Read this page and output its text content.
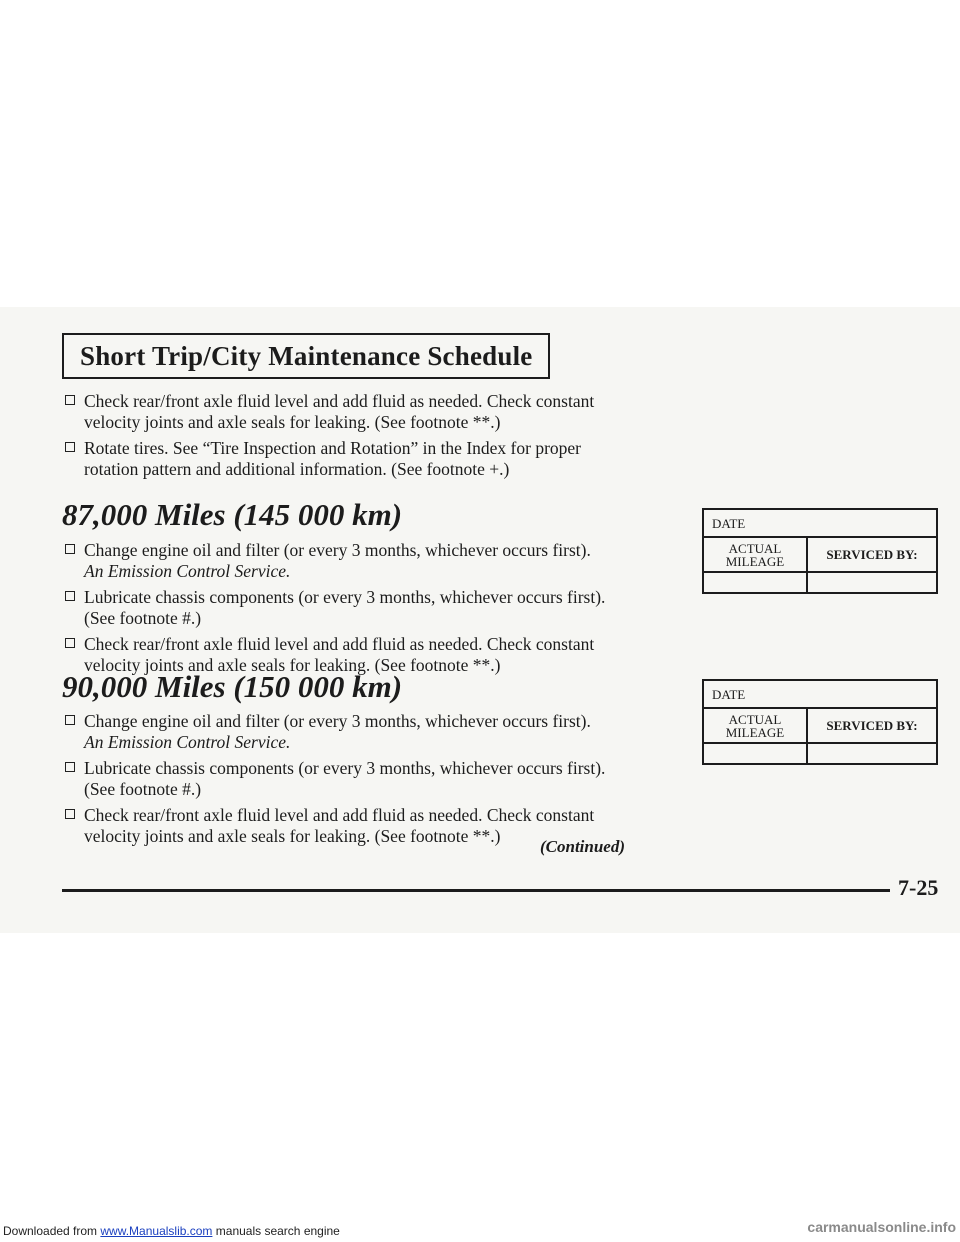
Short Trip/City Maintenance Schedule
Check rear/front axle fluid level and add fluid as needed. Check constant
velocity joints and axle seals for leaking. (See footnote **.)
Rotate tires. See “Tire Inspection and Rotation” in the Index for proper
rotation pattern and additional information. (See footnote +.)
87,000 Miles (145 000 km)
Change engine oil and filter (or every 3 months, whichever occurs first).
An Emission Control Service.
Lubricate chassis components (or every 3 months, whichever occurs first).
(See footnote #.)
Check rear/front axle fluid level and add fluid as needed. Check constant
velocity joints and axle seals for leaking. (See footnote **.)
DATE
ACTUAL
MILEAGE	SERVICED BY:
90,000 Miles (150 000 km)
Change engine oil and filter (or every 3 months, whichever occurs first).
An Emission Control Service.
Lubricate chassis components (or every 3 months, whichever occurs first).
(See footnote #.)
Check rear/front axle fluid level and add fluid as needed. Check constant
velocity joints and axle seals for leaking. (See footnote **.)
DATE
ACTUAL
MILEAGE	SERVICED BY:
(Continued)
7-25
Downloaded from www.Manualslib.com manuals search engine	carmanualsonline.info
